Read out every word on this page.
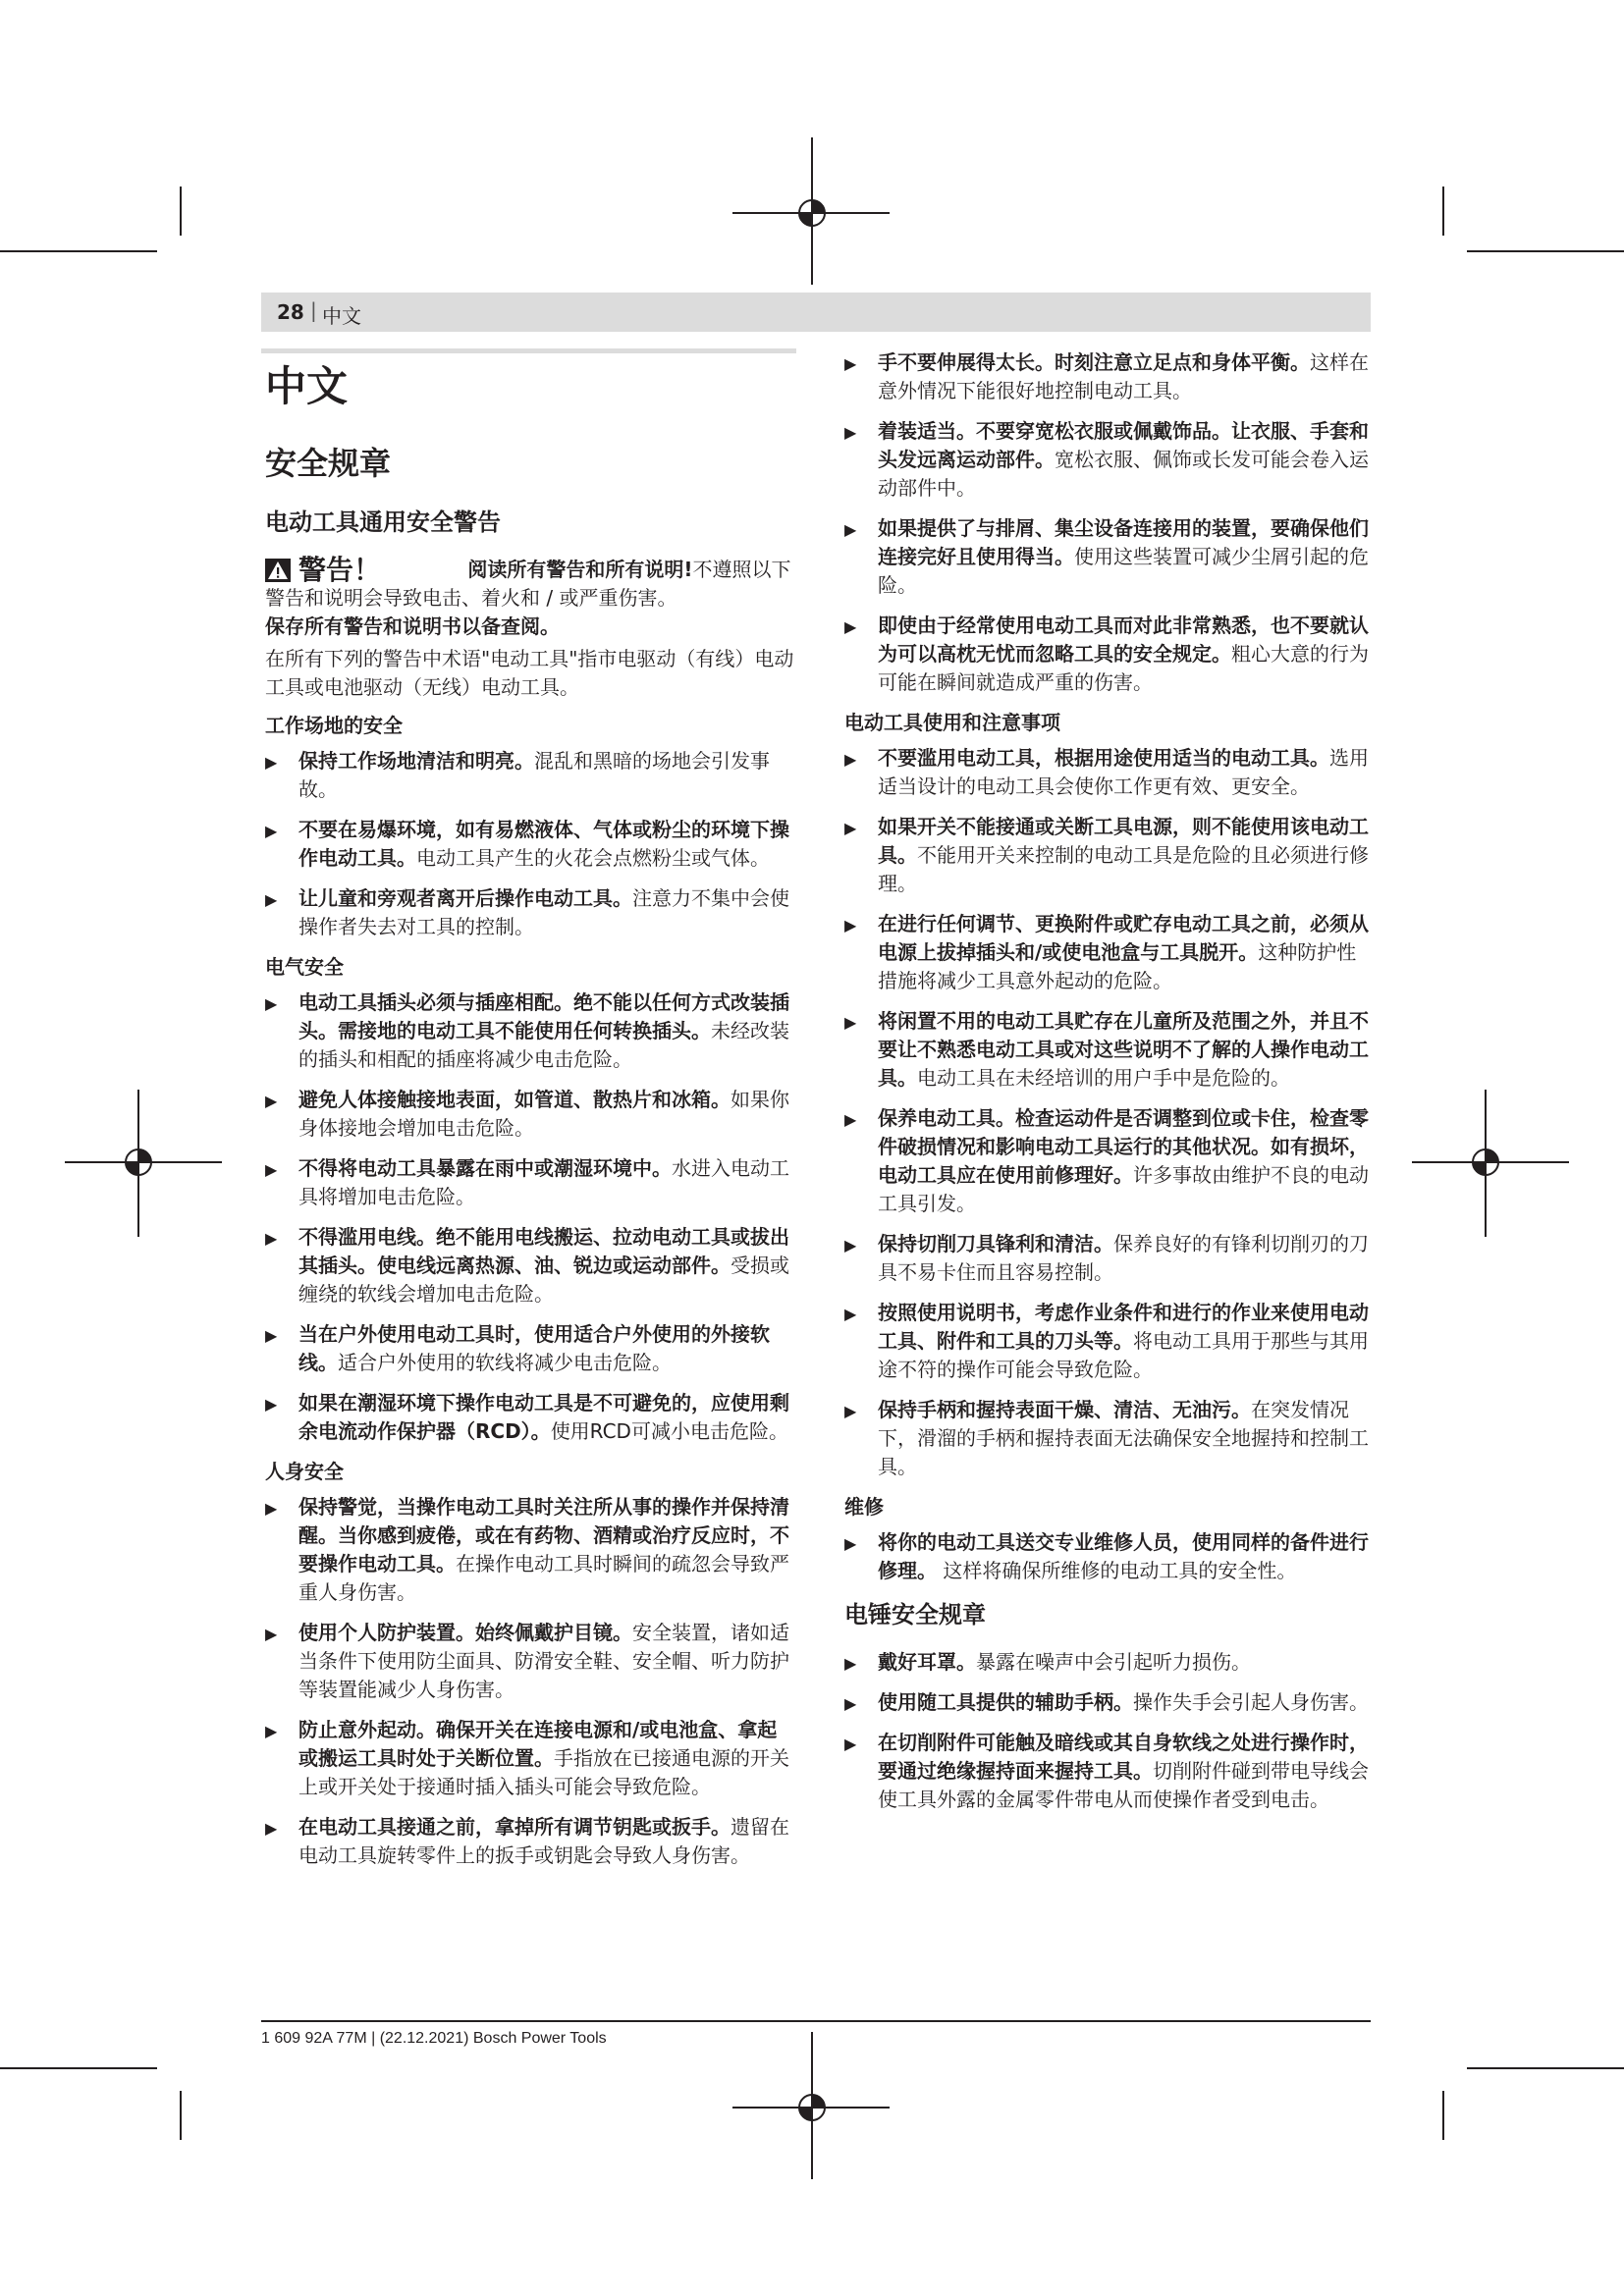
28 | 中文
中文
安全规章
电动工具通用安全警告
警告！	阅读所有警告和所有说明!不遵照以下警告和说明会导致电击、着火和 / 或严重伤害。

保存所有警告和说明书以备查阅。

在所有下列的警告中术语"电动工具"指市电驱动（有线）电动工具或电池驱动（无线）电动工具。

工作场地的安全
▶ 保持工作场地清洁和明亮。混乱和黑暗的场地会引发事故。
▶ 不要在易爆环境，如有易燃液体、气体或粉尘的环境下操作电动工具。电动工具产生的火花会点燃粉尘或气体。
▶ 让儿童和旁观者离开后操作电动工具。注意力不集中会使操作者失去对工具的控制。
电气安全
▶ 电动工具插头必须与插座相配。绝不能以任何方式改装插头。需接地的电动工具不能使用任何转换插头。未经改装的插头和相配的插座将减少电击危险。
▶ 避免人体接触接地表面，如管道、散热片和冰箱。如果你身体接地会增加电击危险。
▶ 不得将电动工具暴露在雨中或潮湿环境中。水进入电动工具将增加电击危险。
▶ 不得滥用电线。绝不能用电线搬运、拉动电动工具或拔出其插头。使电线远离热源、油、锐边或运动部件。受损或缠绕的软线会增加电击危险。
▶ 当在户外使用电动工具时，使用适合户外使用的外接软线。适合户外使用的软线将减少电击危险。
▶ 如果在潮湿环境下操作电动工具是不可避免的，应使用剩余电流动作保护器（RCD）。使用RCD可减小电击危险。
人身安全
▶ 保持警觉，当操作电动工具时关注所从事的操作并保持清醒。当你感到疲倦，或在有药物、酒精或治疗反应时，不要操作电动工具。在操作电动工具时瞬间的疏忽会导致严重人身伤害。
▶ 使用个人防护装置。始终佩戴护目镜。安全装置，诸如适当条件下使用防尘面具、防滑安全鞋、安全帽、听力防护等装置能减少人身伤害。
▶ 防止意外起动。确保开关在连接电源和/或电池盒、拿起或搬运工具时处于关断位置。手指放在已接通电源的开关上或开关处于接通时插入插头可能会导致危险。
▶ 在电动工具接通之前，拿掉所有调节钥匙或扳手。遗留在电动工具旋转零件上的扳手或钥匙会导致人身伤害。
▶ 手不要伸展得太长。时刻注意立足点和身体平衡。这样在意外情况下能很好地控制电动工具。
▶ 着装适当。不要穿宽松衣服或佩戴饰品。让衣服、手套和头发远离运动部件。宽松衣服、佩饰或长发可能会卷入运动部件中。
▶ 如果提供了与排屑、集尘设备连接用的装置，要确保他们连接完好且使用得当。使用这些装置可减少尘屑引起的危险。
▶ 即使由于经常使用电动工具而对此非常熟悉，也不要就认为可以高枕无忧而忽略工具的安全规定。粗心大意的行为可能在瞬间就造成严重的伤害。
电动工具使用和注意事项
▶ 不要滥用电动工具，根据用途使用适当的电动工具。选用适当设计的电动工具会使你工作更有效、更安全。
▶ 如果开关不能接通或关断工具电源，则不能使用该电动工具。不能用开关来控制的电动工具是危险的且必须进行修理。
▶ 在进行任何调节、更换附件或贮存电动工具之前，必须从电源上拔掉插头和/或使电池盒与工具脱开。这种防护性措施将减少工具意外起动的危险。
▶ 将闲置不用的电动工具贮存在儿童所及范围之外，并且不要让不熟悉电动工具或对这些说明不了解的人操作电动工具。电动工具在未经培训的用户手中是危险的。
▶ 保养电动工具。检查运动件是否调整到位或卡住，检查零件破损情况和影响电动工具运行的其他状况。如有损坏，电动工具应在使用前修理好。许多事故由维护不良的电动工具引发。
▶ 保持切削刀具锋利和清洁。保养良好的有锋利切削刃的刀具不易卡住而且容易控制。
▶ 按照使用说明书，考虑作业条件和进行的作业来使用电动工具、附件和工具的刀头等。将电动工具用于那些与其用途不符的操作可能会导致危险。
▶ 保持手柄和握持表面干燥、清洁、无油污。在突发情况下，滑溜的手柄和握持表面无法确保安全地握持和控制工具。
维修
▶ 将你的电动工具送交专业维修人员，使用同样的备件进行修理。 这样将确保所维修的电动工具的安全性。
电锤安全规章
▶ 戴好耳罩。暴露在噪声中会引起听力损伤。
▶ 使用随工具提供的辅助手柄。操作失手会引起人身伤害。
▶ 在切削附件可能触及暗线或其自身软线之处进行操作时，要通过绝缘握持面来握持工具。切削附件碰到带电导线会使工具外露的金属零件带电从而使操作者受到电击。
1 609 92A 77M | (22.12.2021) Bosch Power Tools
